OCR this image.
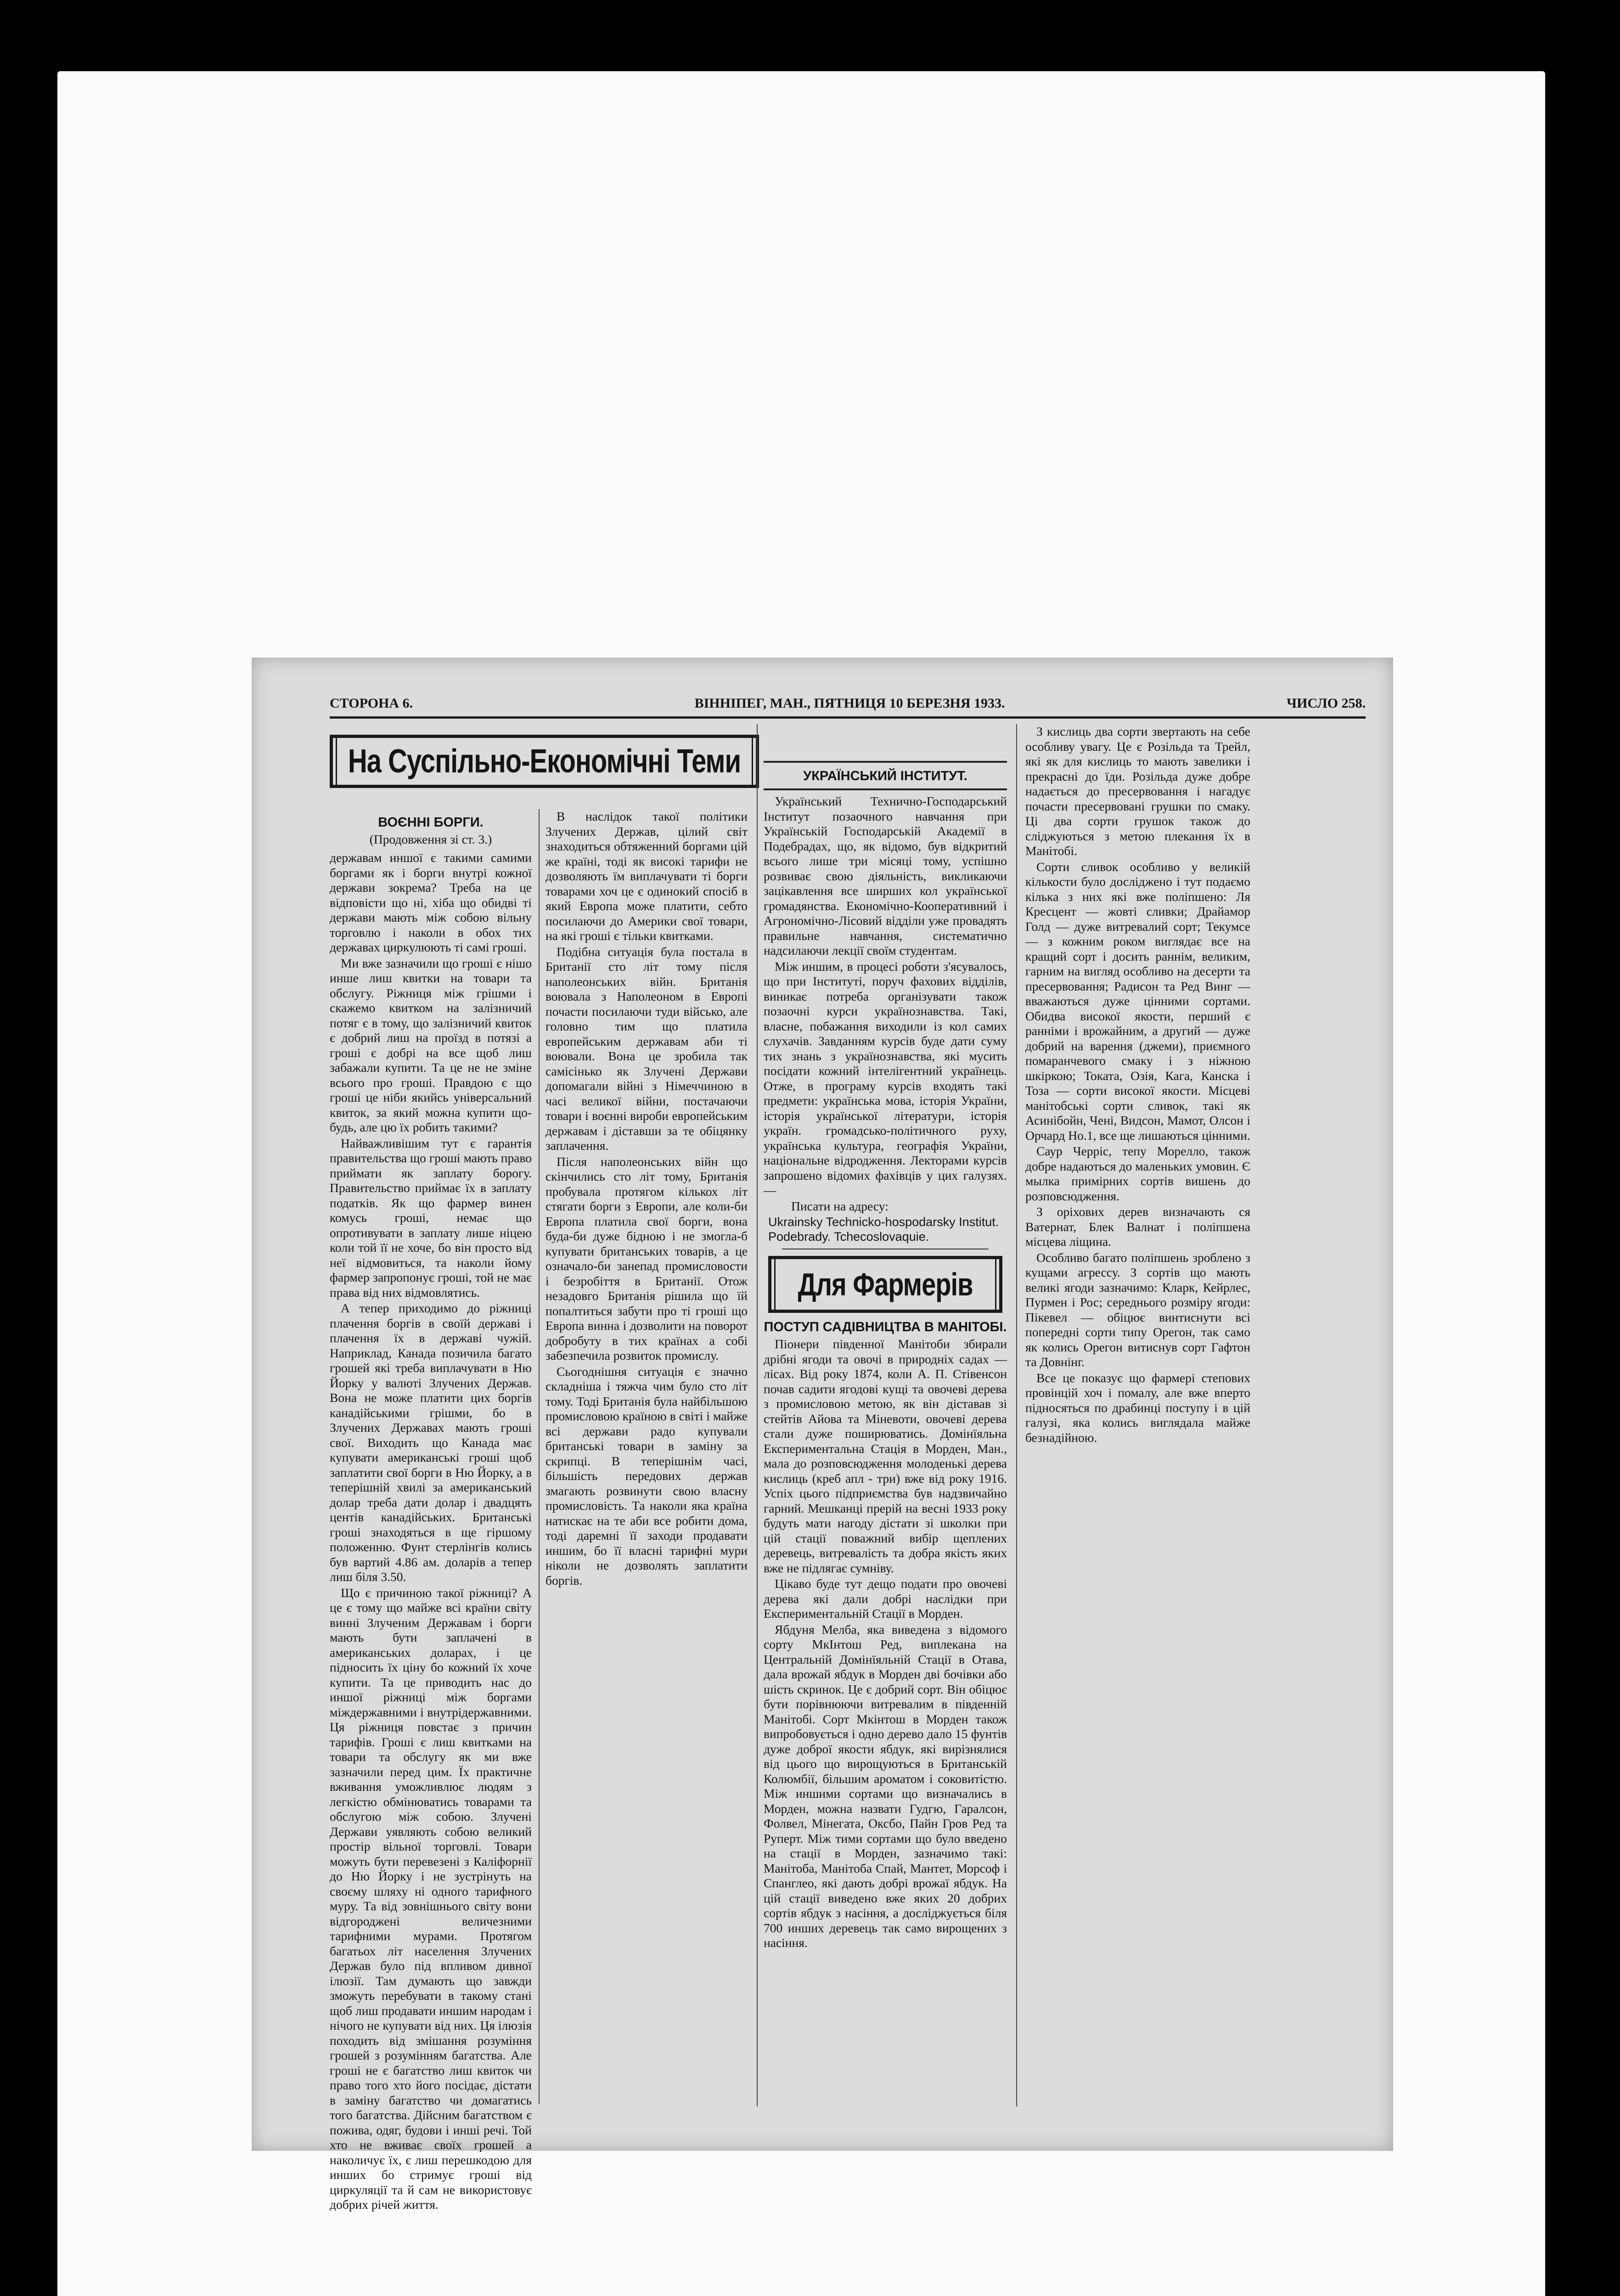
СТОРОНА 6.	ВІННІПЕГ, МАН., ПЯТНИЦЯ 10 БЕРЕЗНЯ 1933.	ЧИСЛО 258.
На Суспільно-Економічні Теми
ВОЄННІ БОРГИ.
(Продовження зі ст. 3.)

державам иншої є такими самими боргами як і борги внутрі кожної держави зокрема? Треба на це відповісти що ні, хіба що обидві ті держави мають між собою вільну торговлю і наколи в обох тих державах циркулюють ті самі гроші.

Ми вже зазначили що гроші є нішо инше лиш квитки на товари та обслугу. Ріжниця між грішми і скажемо квитком на залізничий потяг є в тому, що залізничий квиток є добрий лиш на проїзд в потязі а гроші є добрі на все щоб лиш забажали купити. Та це не не зміне всього про гроші. Правдою є що гроші це ніби якийсь універсальний квиток, за який можна купити що-будь, але цю їх робить такими?

Найважливішим тут є гарантія правительства що гроші мають право приймати як заплату борогу. Правительство приймає їх в заплату податків. Як що фармер винен комусь гроші, немає що опротивувати в заплату лише ніцею коли той її не хоче, бо він простo від неї відмовиться, та наколи йому фармер запропонує гроші, той не має права від них відмовлятись.

А тепер приходимо до ріжниці плачення боргів в своїй державі і плачення їх в державі чужій. Наприклад, Канада позичила багато грошей які треба виплачувати в Ню Йорку у валюті Злучених Держав. Вона не може платити цих боргів канадійськими грішми, бо в Злучених Державах мають гроші свої. Виходить що Канада має купувати американські гроші щоб заплатити свої борги в Ню Йорку, а в теперішній хвилі за американський долар треба дати долар і двадцять центів канадійських. Британські гроші знаходяться в ще гіршому положенню. Фунт стерлінгів колись був вартий 4.86 ам. доларів а тепер лиш біля 3.50.

Що є причиною такої ріжниці? А це є тому що майже всі країни світу винні Злученим Державам і борги мають бути заплачені в американських доларах, і це підносить їх ціну бо кожний їх хоче купити. Та це приводить нас до иншої ріжниці між боргами міждержавними і внутрідержавними. Ця ріжниця повстає з причин тарифів. Гроші є лиш квитками на товари та обслугу як ми вже зазначили перед цим. Їх практичне вживання уможливлює людям з легкістю обмінюватись товарами та обслугою між собою. Злучені Держави уявляють собою великий простір вільної торговлі. Товари можуть бути перевезені з Каліфорнії до Ню Йорку і не зустрінуть на своєму шляху ні одного тарифного муру. Та від зовнішнього світу вони відгороджені величезними тарифними мурами. Протягом багатьох літ населення Злучених Держав було під впливом дивної ілюзії. Там думають що завжди зможуть перебувати в такому стані щоб лиш продавати иншим народам і нічого не купувати від них. Ця ілюзія походить від змішання розуміння грошей з розумінням багатства. Але гроші не є багатство лиш квиток чи право того хто його посідає, дістати в заміну багатство чи домагатись того багатства. Дійсним багатством є пожива, одяг, будови і инші речі. Той хто не вживає своїх грошей а наколичує їх, є лиш перешкодою для инших бо стримує гроші від циркуляції та й сам не використовує добрих річей життя.

В наслідок такої політики Злучених Держав, цілий світ знаходиться обтяженний боргами цій же країні, тоді як високі тарифи не дозволяють їм виплачувати ті борги товарами хоч це є одинокий спосіб в який Европа може платити, себто посилаючи до Америки свої товари, на які гроші є тільки квитками.

Подібна ситуація була постала в Британії сто літ тому після наполеонських війн. Британія воювала з Наполеоном в Европі почасти посилаючи туди військо, але головно тим що платила европейським державам аби ті воювали. Вона це зробила так самісінько як Злучені Держави допомагали війні з Німеччиною в часі великої війни, постачаючи товари і воєнні вироби европейським державам і діставши за те обіцянку заплачення.

Після наполеонських війн що скінчились сто літ тому, Британія пробувала протягом кількох літ стягати борги з Европи, але коли-би Европа платила свої борги, вона буда-би дуже бідною і не змогла-б купувати британських товарів, а це означало-би занепад промисловости і безробіття в Британії. Отож незадовго Британія рішила що їй попалтиться забути про ті гроші що Европа винна і дозволити на поворот добробуту в тих країнах а собі забезпечила розвиток промислу.

Сьогоднішня ситуація є значно складніша і тяжча чим було сто літ тому. Тоді Британія була найбільшою промисловою країною в світі і майже всі держави радо купували британські товари в заміну за скрипці. В теперішнім часі, більшість передових держав змагають розвинути свою власну промисловість. Та наколи яка країна натискає на те аби все робити дома, тоді даремні її заходи продавати иншим, бо її власні тарифні мури ніколи не дозволять заплатити боргів.

УКРАЇНСЬКИЙ ІНСТИТУТ.

Український Технично-Господарський Інститут позаочного навчання при Українській Господарській Академії в Подебрадах, що, як відомо, був відкритий всього лише три місяці тому, успішно розвиває свою діяльність, викликаючи зацікавлення все ширших кол української громадянства. Економічно-Кооперативний і Агрономічно-Лісовий відділи уже провадять правильне навчання, систематично надсилаючи лекції своїм студентам.

Між иншим, в процесі роботи з'ясувалось, що при Інституті, поруч фахових відділів, виникає потреба організувати також позаочні курси українознавства. Такі, власне, побажання виходили із кол самих слухачів. Завданням курсів буде дати суму тих знань з українознавства, які мусить посідати кожний інтелігентний українець. Отже, в програму курсів входять такі предмети: українська мова, історія України, історія української літератури, історія україн. громадсько-політичного руху, українська культура, географія України, національне відродження. Лекторами курсів запрошено відомих фахівців у цих галузях. —

Писати на адресу:

Ukrainsky Technicko-hospodarsky Institut. Podebrady. Tchecoslovaquie.
Для Фармерів
ПОСТУП САДІВНИЦТВА В МАНІТОБІ.

Піонери південної Манітоби збирали дрібні ягоди та овочі в природніх садах — лісах. Від року 1874, коли А. П. Стівенсон почав садити ягодові кущі та овочеві дерева з промисловою метою, як він діставав зі стейтів Айова та Міневоти, овочеві дерева стали дуже поширюватись. Домінїяльна Експериментальна Стація в Морден, Ман., мала до розповсюдження молоденькі дерева кислиць (креб апл - три) вже від року 1916. Успіх цього підприємства був надзвичайно гарний. Мешканці прерій на весні 1933 року будуть мати нагоду дістати зі школки при цій стації поважний вибір щеплених деревець, витревалість та добра якість яких вже не підлягає сумніву.

Цікаво буде тут дещо подати про овочеві дерева які дали добрі наслідки при Експериментальній Стації в Морден.

Ябдуня Мелба, яка виведена з відомого сорту МкІнтош Ред, виплекана на Центральній Домінїяльній Стації в Отава, дала врожай ябдук в Морден дві бочівки або шість скринок. Це є добрий сорт. Він обіцює бути порівнюючи витревалим в південній Манітобі. Сорт Мкінтош в Морден також випробовується і одно дерево дало 15 фунтів дуже доброї якости ябдук, які вирізнялися від цього що вирощуються в Британській Колюмбії, більшим ароматом і соковитістю. Між иншими сортами що визначались в Морден, можна назвати Гудгю, Гаралсон, Фолвел, Мінегата, Оксбо, Пайн Гров Ред та Руперт. Між тими сортами що було введено на стації в Морден, зазначимо такі: Манітоба, Манітоба Спай, Мантет, Морсоф і Спанглео, які дають добрі врожаї ябдук. На цій стації виведено вже яких 20 добрих сортів ябдук з насіння, а досліджується біля 700 инших деревець так само вирощених з насіння.

З кислиць два сорти звертають на себе особливу увагу. Це є Розільда та Трейл, які як для кислиць то мають завелики і прекрасні до їди. Розільда дуже добре надається до пресервовання і нагадує почасти пресервовані грушки по смаку. Ці два сорти грушок також до сліджуються з метою плекання їх в Манітобі.

Сорти сливок особливо у великій кількости було досліджено і тут подаємо кілька з них які вже поліпшено: Ля Кресцент — жовті сливки; Драйамор Голд — дуже витревалий сорт; Текумсе — з кожним роком виглядає все на кращий сорт і досить раннім, великим, гарним на вигляд особливо на десерти та пресервовання; Радисон та Ред Винг — вважаються дуже цінними сортами. Обидва високої якости, перший є ранніми і врожайним, а другий — дуже добрий на варення (джеми), приємного помаранчевого смаку і з ніжною шкіркою; Токата, Озія, Кага, Канска і Тоза — сорти високої якости. Місцеві манітобські сорти сливок, такі як Асинібойн, Чені, Видсон, Мамот, Олсон і Орчард Но.1, все ще лишаються цінними.

Саур Черріс, тепу Морелло, також добре надаються до маленьких умовин. Є мылка примірних сортів вишень до розповсюдження.

З оріхових дерев визначають ся Ватернат, Блек Валнат і поліпшена місцева ліщина.

Особливо багато поліпшень зроблено з кущами агрессу. З сортів що мають великі ягоди зазначимо: Кларк, Кейрлес, Пурмен і Рос; середнього розміру ягоди: Пікевел — обіцює винтиснути всі попередні сорти типу Орегон, так само як колись Орегон витиснув сорт Гафтон та Довнінг.

Все це показує що фармері степових провінцій хоч і помалу, але вже вперто підносяться по драбинці поступу і в цій галузі, яка колись виглядала майже безнадійною.
